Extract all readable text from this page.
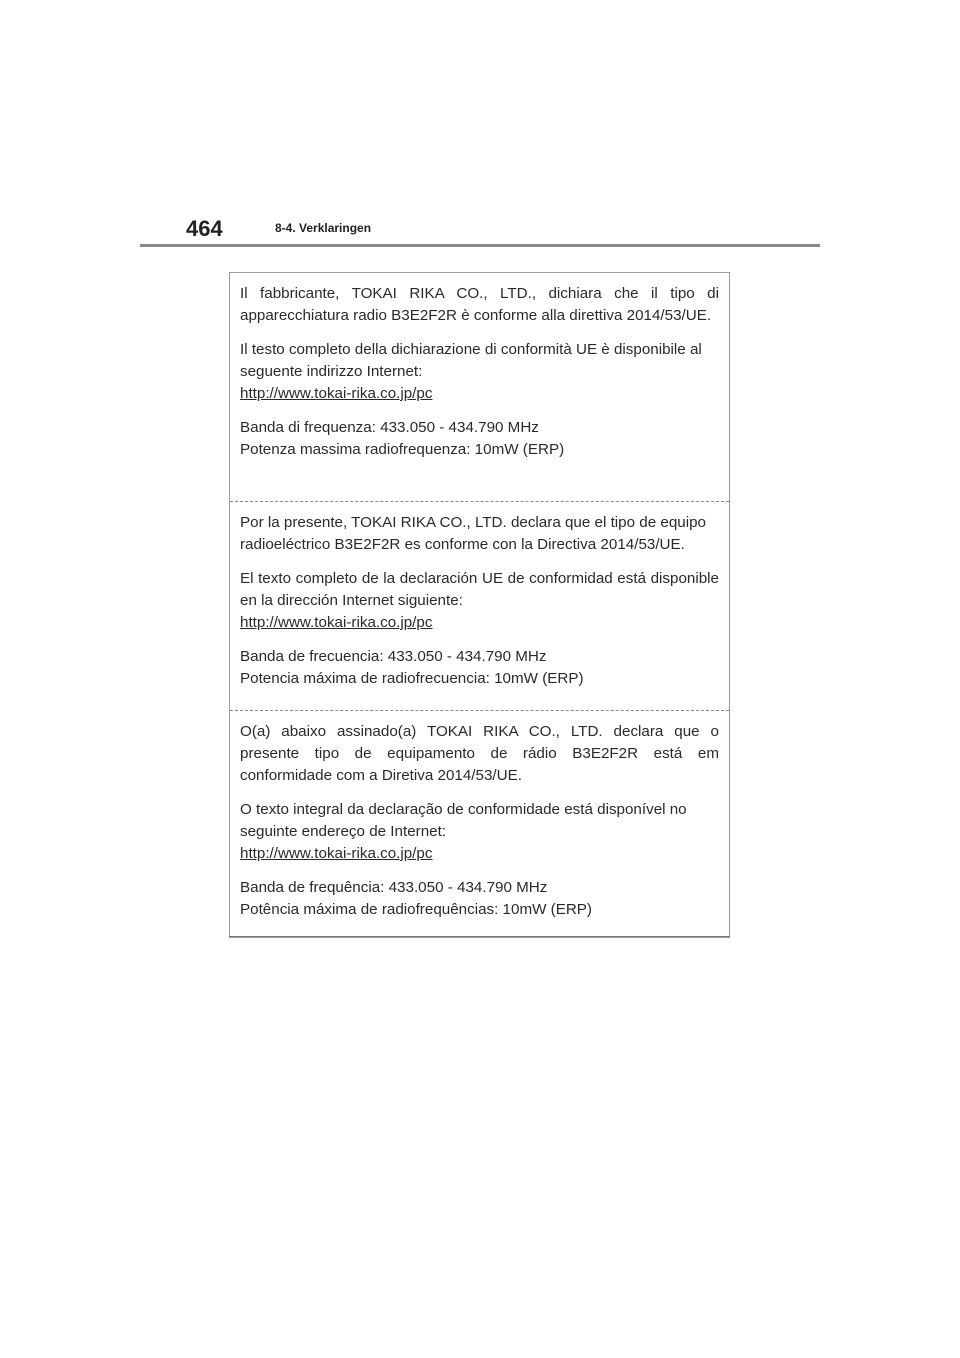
464	8-4. Verklaringen

Il fabbricante, TOKAI RIKA CO., LTD., dichiara che il tipo di apparecchiatura radio B3E2F2R è conforme alla direttiva 2014/53/UE.

Il testo completo della dichiarazione di conformità UE è disponibile al seguente indirizzo Internet:

http://www.tokai-rika.co.jp/pc

Banda di frequenza: 433.050 - 434.790 MHz

Potenza massima radiofrequenza: 10mW (ERP)

Por la presente, TOKAI RIKA CO., LTD. declara que el tipo de equipo radioeléctrico B3E2F2R es conforme con la Directiva 2014/53/UE.

El texto completo de la declaración UE de conformidad está disponible en la dirección Internet siguiente:

http://www.tokai-rika.co.jp/pc

Banda de frecuencia: 433.050 - 434.790 MHz

Potencia máxima de radiofrecuencia: 10mW (ERP)

O(a) abaixo assinado(a) TOKAI RIKA CO., LTD. declara que o presente tipo de equipamento de rádio B3E2F2R está em conformidade com a Diretiva 2014/53/UE.

O texto integral da declaração de conformidade está disponível no seguinte endereço de Internet:

http://www.tokai-rika.co.jp/pc

Banda de frequência: 433.050 - 434.790 MHz

Potência máxima de radiofrequências: 10mW (ERP)
